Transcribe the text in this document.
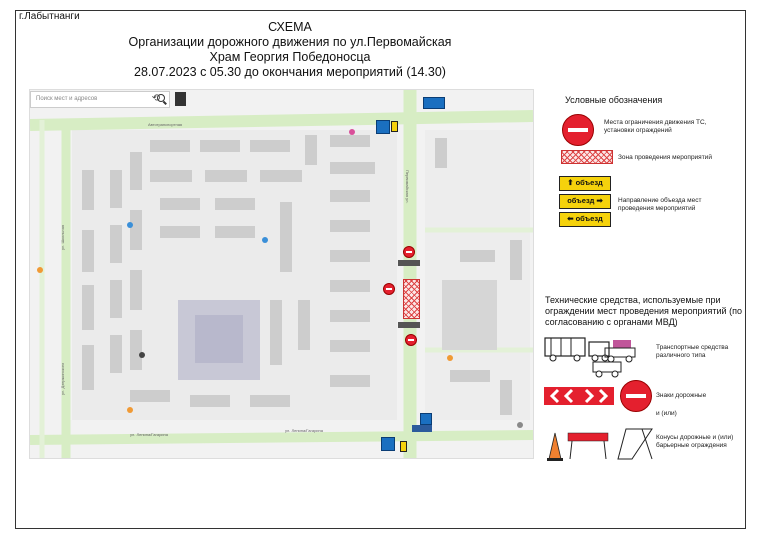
г.Лабытнанги
СХЕМА
Организации дорожного движения по ул.Первомайская
Храм Георгия Победоносца
28.07.2023 с 05.30 до окончания мероприятий (14.30)
Автотранспортная
Первомайская ул.
ул. Школьная
ул. Дзержинского
ул. Ленина/Гагарина
ул. Ленина/Гагарина
Поиск мест и адресов	⟲	Условные обозначения
Места ограничения движения ТС, установки ограждений
Зона проведения мероприятий
⬆ объезд
объезд ➡
⬅ объезд
Направление объезда мест проведения мероприятий
Технические средства, используемые при ограждении мест проведения мероприятий (по согласованию с органами МВД)
Транспортные средства различного типа
Знаки дорожные
и (или)
Конусы дорожные и (или) барьерные ограждения
